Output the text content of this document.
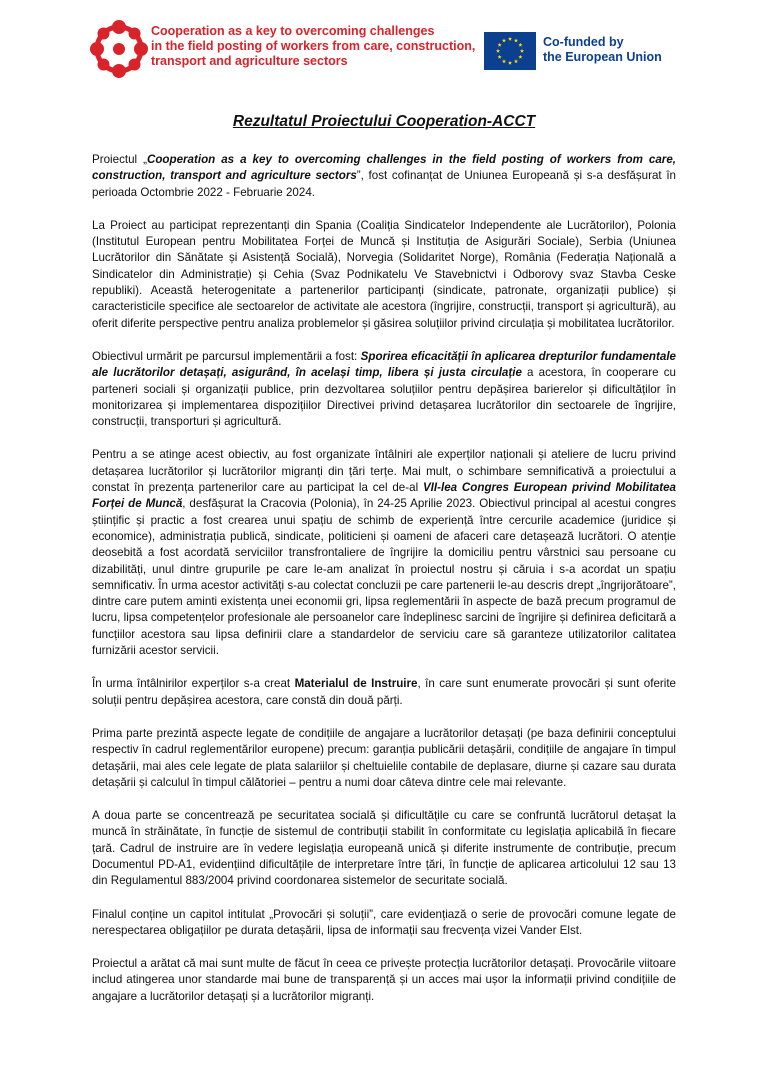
Cooperation as a key to overcoming challenges
in the field posting of workers from care, construction,
transport and agriculture sectors
Co-funded by
the European Union
Rezultatul Proiectului Cooperation-ACCT

Proiectul „Cooperation as a key to overcoming challenges in the field posting of workers from care, construction, transport and agriculture sectors”, fost cofinanțat de Uniunea Europeană și s-a desfășurat în perioada Octombrie 2022 - Februarie 2024.

La Proiect au participat reprezentanți din Spania (Coaliția Sindicatelor Independente ale Lucrătorilor), Polonia (Institutul European pentru Mobilitatea Forței de Muncă și Instituția de Asigurări Sociale), Serbia (Uniunea Lucrătorilor din Sănătate și Asistență Socială), Norvegia (Solidaritet Norge), România (Federația Națională a Sindicatelor din Administrație) și Cehia (Svaz Podnikatelu Ve Stavebnictvi i Odborovy svaz Stavba Ceske republiki). Această heterogenitate a partenerilor participanți (sindicate, patronate, organizații publice) și caracteristicile specifice ale sectoarelor de activitate ale acestora (îngrijire, construcții, transport și agricultură), au oferit diferite perspective pentru analiza problemelor și găsirea soluțiilor privind circulația și mobilitatea lucrătorilor.

Obiectivul urmărit pe parcursul implementării a fost: Sporirea eficacității în aplicarea drepturilor fundamentale ale lucrătorilor detașați, asigurând, în același timp, libera și justa circulație a acestora, în cooperare cu parteneri sociali și organizații publice, prin dezvoltarea soluțiilor pentru depășirea barierelor și dificultăților în monitorizarea și implementarea dispozițiilor Directivei privind detașarea lucrătorilor din sectoarele de îngrijire, construcții, transporturi și agricultură.

Pentru a se atinge acest obiectiv, au fost organizate întâlniri ale experților naționali și ateliere de lucru privind detașarea lucrătorilor și lucrătorilor migranți din țări terțe. Mai mult, o schimbare semnificativă a proiectului a constat în prezența partenerilor care au participat la cel de-al VII-lea Congres European privind Mobilitatea Forței de Muncă, desfășurat la Cracovia (Polonia), în 24-25 Aprilie 2023. Obiectivul principal al acestui congres științific și practic a fost crearea unui spațiu de schimb de experiență între cercurile academice (juridice și economice), administrația publică, sindicate, politicieni și oameni de afaceri care detașează lucrători. O atenție deosebită a fost acordată serviciilor transfrontaliere de îngrijire la domiciliu pentru vârstnici sau persoane cu dizabilități, unul dintre grupurile pe care le-am analizat în proiectul nostru și căruia i s-a acordat un spațiu semnificativ. În urma acestor activități s-au colectat concluzii pe care partenerii le-au descris drept „îngrijorătoare”, dintre care putem aminti existența unei economii gri, lipsa reglementării în aspecte de bază precum programul de lucru, lipsa competențelor profesionale ale persoanelor care îndeplinesc sarcini de îngrijire și definirea deficitară a funcțiilor acestora sau lipsa definirii clare a standardelor de serviciu care să garanteze utilizatorilor calitatea furnizării acestor servicii.

În urma întâlnirilor experților s-a creat Materialul de Instruire, în care sunt enumerate provocări și sunt oferite soluții pentru depășirea acestora, care constă din două părți.

Prima parte prezintă aspecte legate de condițiile de angajare a lucrătorilor detașați (pe baza definirii conceptului respectiv în cadrul reglementărilor europene) precum: garanția publicării detașării, condițiile de angajare în timpul detașării, mai ales cele legate de plata salariilor și cheltuielile contabile de deplasare, diurne și cazare sau durata detașării și calculul în timpul călătoriei – pentru a numi doar câteva dintre cele mai relevante.

A doua parte se concentrează pe securitatea socială și dificultățile cu care se confruntă lucrătorul detașat la muncă în străinătate, în funcție de sistemul de contribuții stabilit în conformitate cu legislația aplicabilă în fiecare țară. Cadrul de instruire are în vedere legislația europeană unică și diferite instrumente de contribuție, precum Documentul PD-A1, evidențiind dificultățile de interpretare între țări, în funcție de aplicarea articolului 12 sau 13 din Regulamentul 883/2004 privind coordonarea sistemelor de securitate socială.

Finalul conține un capitol intitulat „Provocări și soluții”, care evidențiază o serie de provocări comune legate de nerespectarea obligațiilor pe durata detașării, lipsa de informații sau frecvența vizei Vander Elst.

Proiectul a arătat că mai sunt multe de făcut în ceea ce privește protecția lucrătorilor detașați. Provocările viitoare includ atingerea unor standarde mai bune de transparență și un acces mai ușor la informații privind condițiile de angajare a lucrătorilor detașați și a lucrătorilor migranți.
